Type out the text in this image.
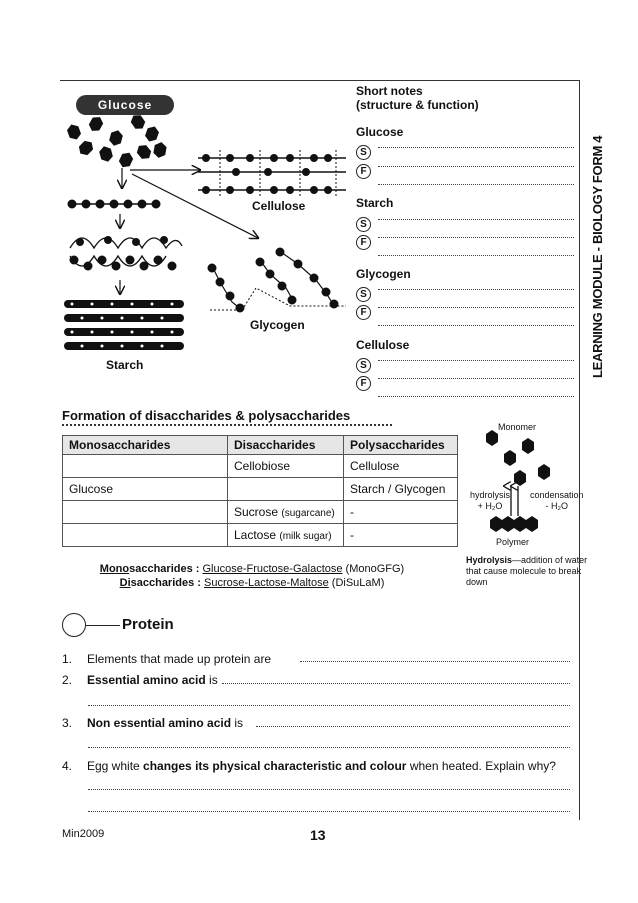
LEARNING MODULE - BIOLOGY FORM 4
Glucose
Cellulose
Glycogen
Starch
Short notes
(structure & function)
Glucose
S
F
Starch
S
F
Glycogen
S
F
Cellulose
S
F
Formation of disaccharides & polysaccharides
Monosaccharides	Disaccharides	Polysaccharides
	Cellobiose	Cellulose
Glucose		Starch / Glycogen
	Sucrose (sugarcane)	-
	Lactose (milk sugar)	-
Monosaccharides : Glucose-Fructose-Galactose (MonoGFG)
Disaccharides : Sucrose-Lactose-Maltose (DiSuLaM)
Monomer
Polymer
hydrolysis
+ H₂O
condensation
- H₂O
Hydrolysis—addition of water that cause molecule to break down
Protein
1. Elements that made up protein are
2. Essential amino acid is
3. Non essential amino acid is
4. Egg white changes its physical characteristic and colour when heated. Explain why?
Min2009	13
